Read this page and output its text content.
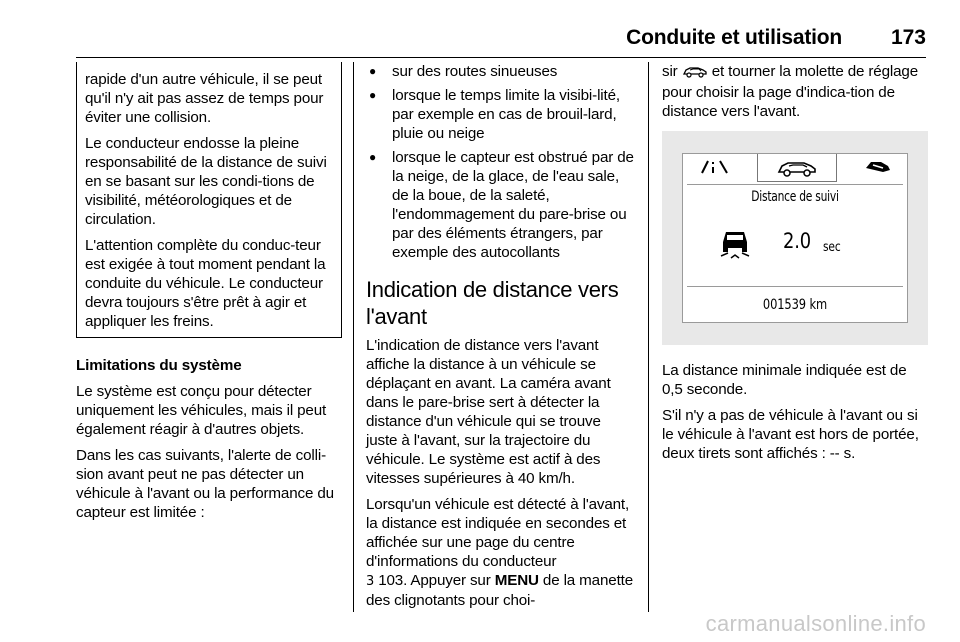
Conduite et utilisation 173

rapide d'un autre véhicule, il se peut qu'il n'y ait pas assez de temps pour éviter une collision.

Le conducteur endosse la pleine responsabilité de la distance de suivi en se basant sur les condi-tions de visibilité, météorologiques et de circulation.

L'attention complète du conduc-teur est exigée à tout moment pendant la conduite du véhicule. Le conducteur devra toujours s'être prêt à agir et appliquer les freins.

Limitations du système

Le système est conçu pour détecter uniquement les véhicules, mais il peut également réagir à d'autres objets.

Dans les cas suivants, l'alerte de colli-sion avant peut ne pas détecter un véhicule à l'avant ou la performance du capteur est limitée :

● sur des routes sinueuses
● lorsque le temps limite la visibi-lité, par exemple en cas de brouil-lard, pluie ou neige
● lorsque le capteur est obstrué par de la neige, de la glace, de l'eau sale, de la boue, de la saleté, l'endommagement du pare-brise ou par des éléments étrangers, par exemple des autocollants
Indication de distance vers l'avant

L'indication de distance vers l'avant affiche la distance à un véhicule se déplaçant en avant. La caméra avant dans le pare-brise sert à détecter la distance d'un véhicule qui se trouve juste à l'avant, sur la trajectoire du véhicule. Le système est actif à des vitesses supérieures à 40 km/h.

Lorsqu'un véhicule est détecté à l'avant, la distance est indiquée en secondes et affichée sur une page du centre d'informations du conducteur
3 103. Appuyer sur MENU de la manette des clignotants pour choi-

sir et tourner la molette de réglage pour choisir la page d'indica-tion de distance vers l'avant.

Distance de suivi
2.0 sec
001539 km

La distance minimale indiquée est de 0,5 seconde.

S'il n'y a pas de véhicule à l'avant ou si le véhicule à l'avant est hors de portée, deux tirets sont affichés : -- s.

carmanualsonline.info
